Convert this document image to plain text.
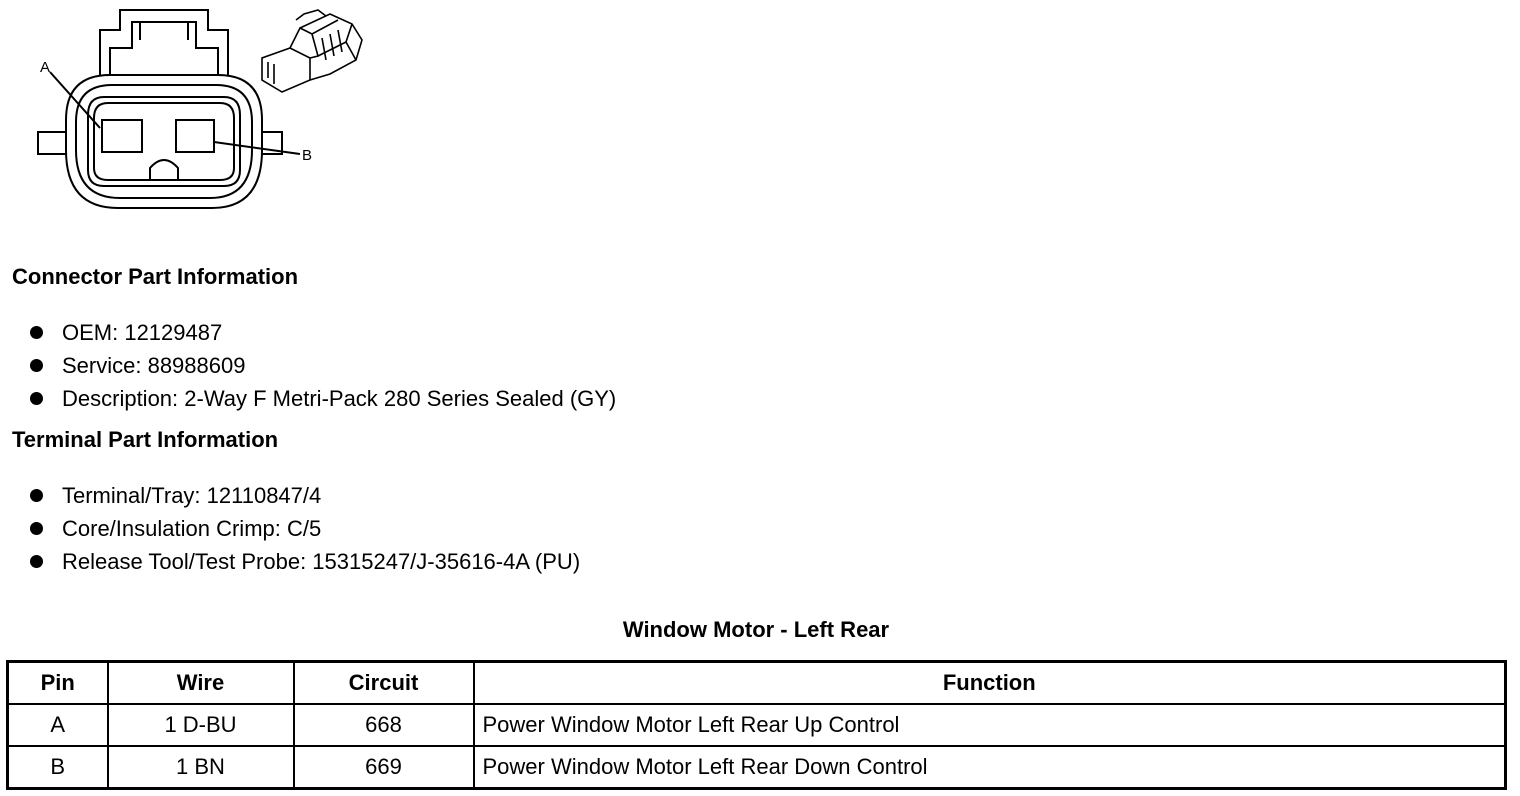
A
B
Connector Part Information
OEM: 12129487
Service: 88988609
Description: 2-Way F Metri-Pack 280 Series Sealed (GY)
Terminal Part Information
Terminal/Tray: 12110847/4
Core/Insulation Crimp: C/5
Release Tool/Test Probe: 15315247/J-35616-4A (PU)
Window Motor - Left Rear
Pin	Wire	Circuit	Function
A	1 D-BU	668	Power Window Motor Left Rear Up Control
B	1 BN	669	Power Window Motor Left Rear Down Control
